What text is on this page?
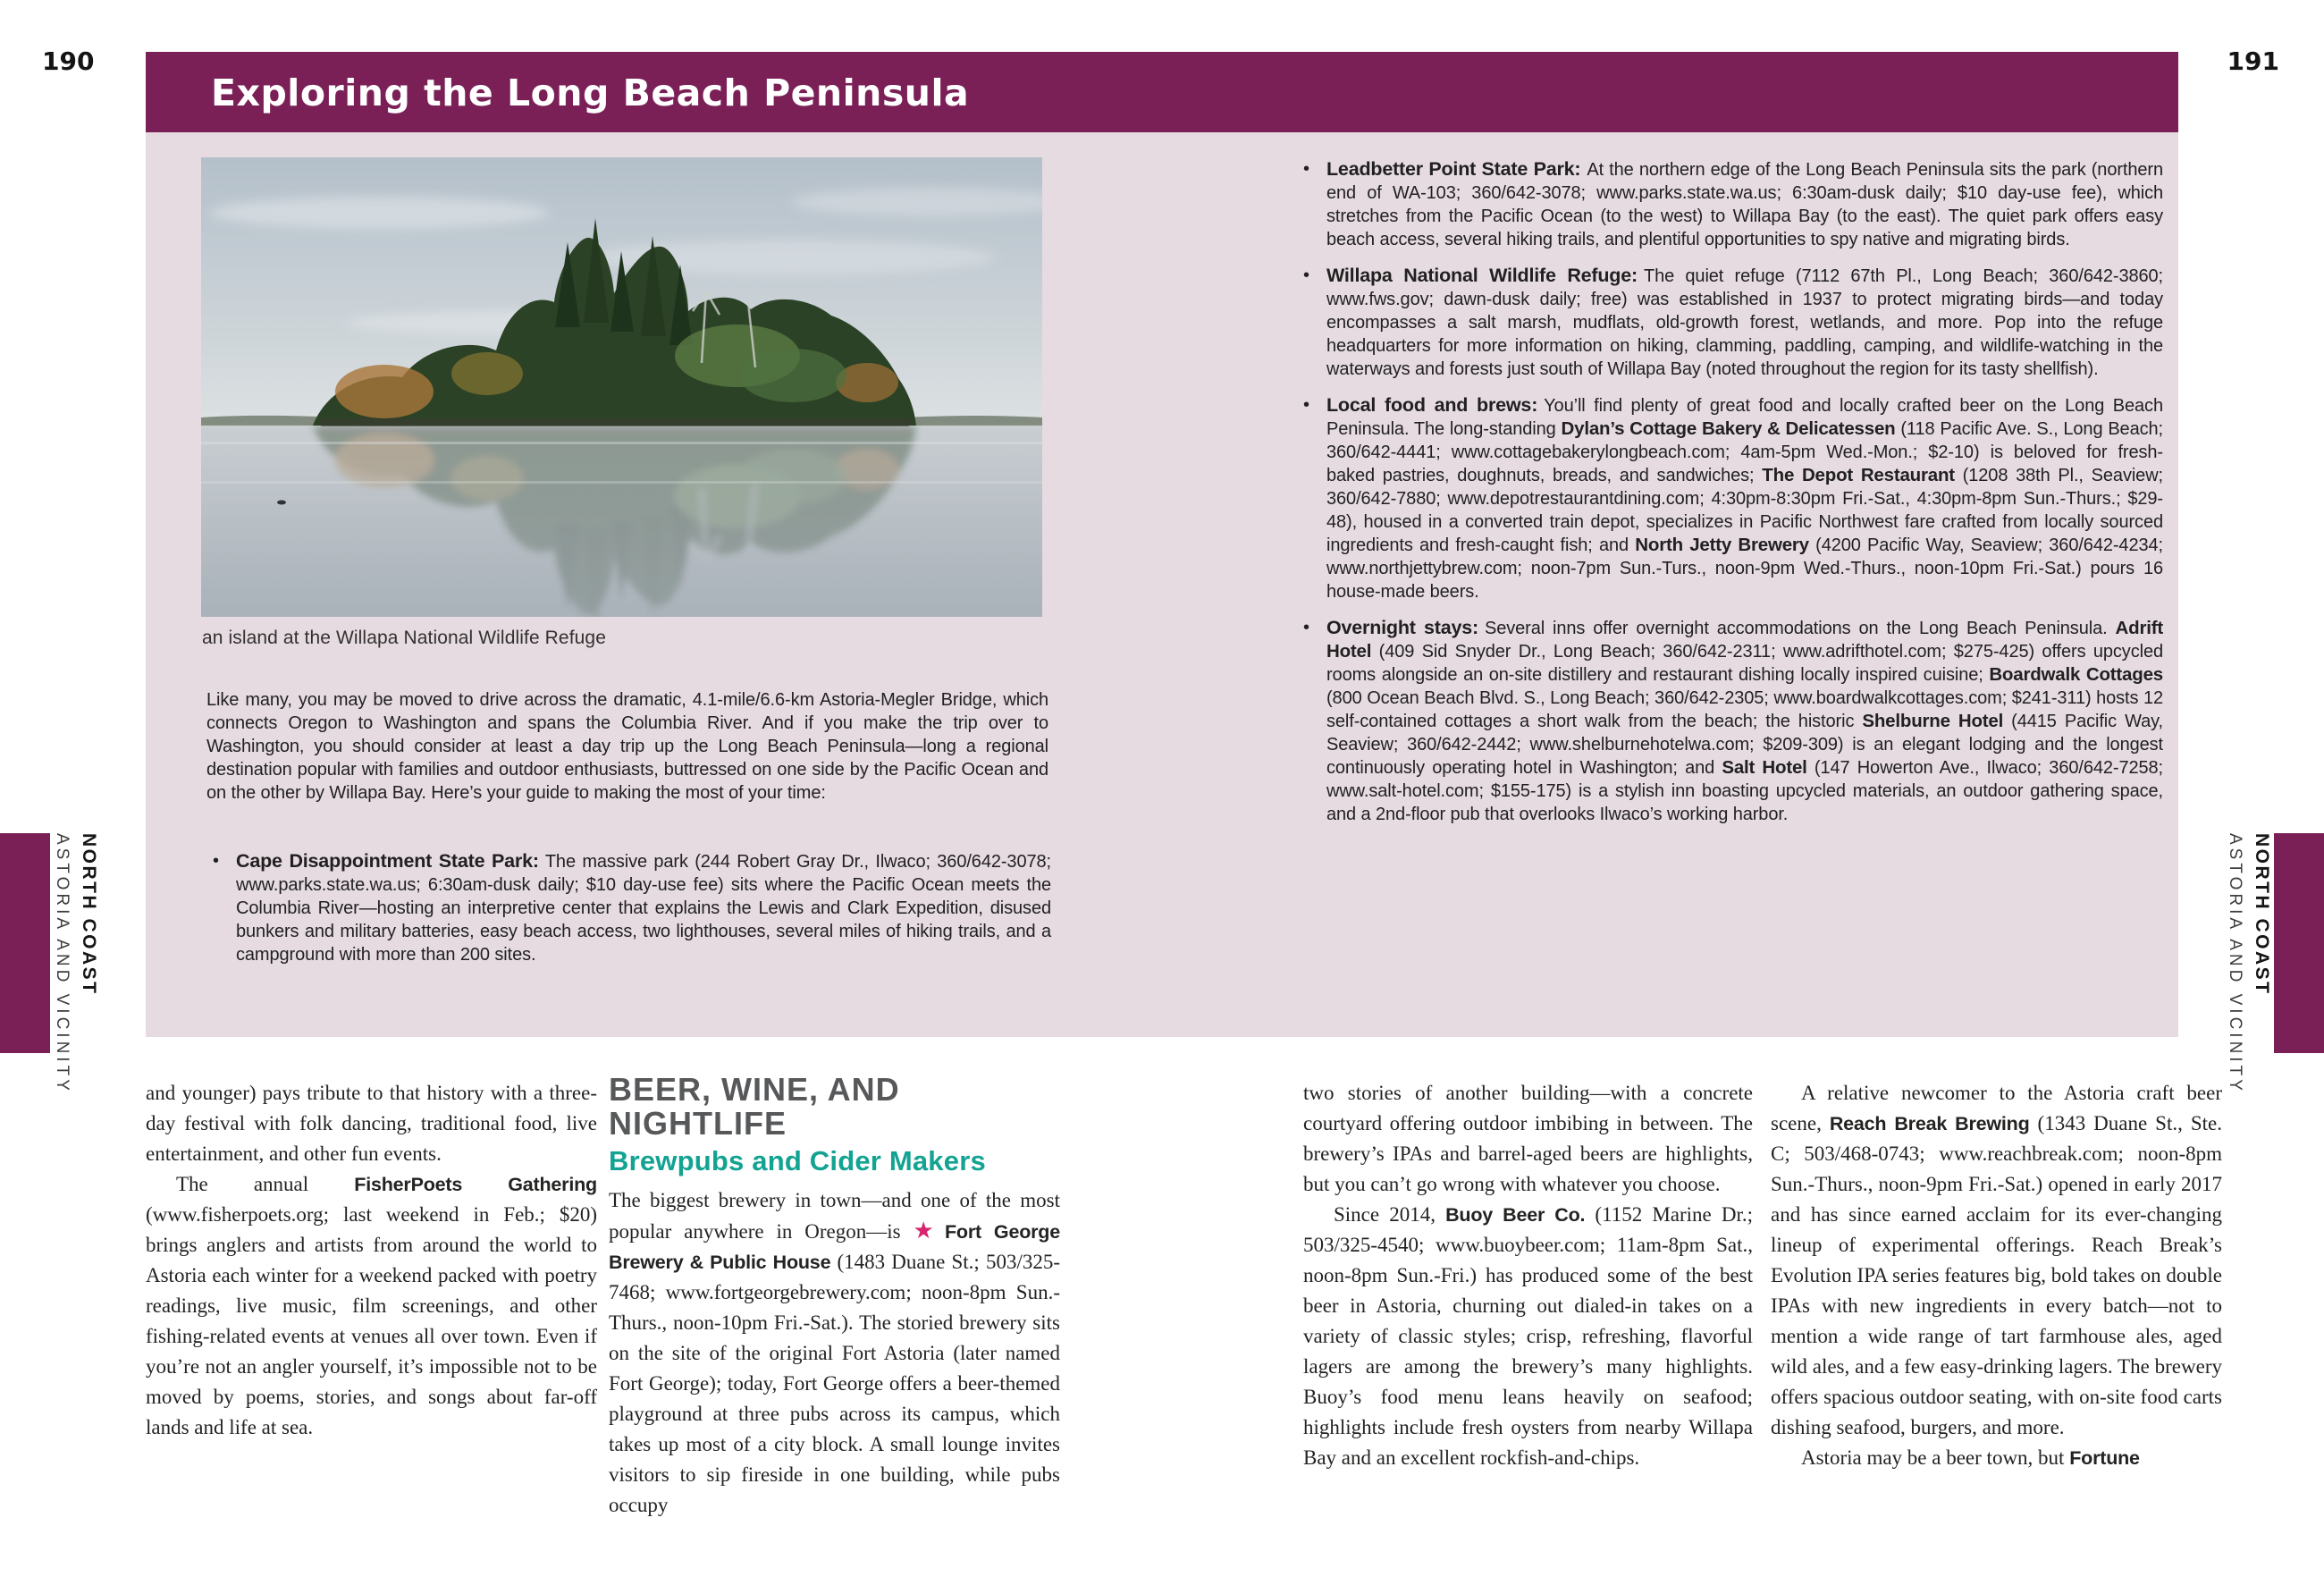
190	191
Exploring the Long Beach Peninsula
an island at the Willapa National Wildlife Refuge
Like many, you may be moved to drive across the dramatic, 4.1-mile/6.6-km Astoria-Megler Bridge, which connects Oregon to Washington and spans the Columbia River. And if you make the trip over to Washington, you should consider at least a day trip up the Long Beach Peninsula—long a regional destination popular with families and outdoor enthusiasts, buttressed on one side by the Pacific Ocean and on the other by Willapa Bay. Here’s your guide to making the most of your time:
• Cape Disappointment State Park: The massive park (244 Robert Gray Dr., Ilwaco; 360/642-3078; www.parks.state.wa.us; 6:30am-dusk daily; $10 day-use fee) sits where the Pacific Ocean meets the Columbia River—hosting an interpretive center that explains the Lewis and Clark Expedition, disused bunkers and military batteries, easy beach access, two lighthouses, several miles of hiking trails, and a campground with more than 200 sites.
• Leadbetter Point State Park: At the northern edge of the Long Beach Peninsula sits the park (northern end of WA-103; 360/642-3078; www.parks.state.wa.us; 6:30am-dusk daily; $10 day-use fee), which stretches from the Pacific Ocean (to the west) to Willapa Bay (to the east). The quiet park offers easy beach access, several hiking trails, and plentiful opportunities to spy native and migrating birds.
• Willapa National Wildlife Refuge: The quiet refuge (7112 67th Pl., Long Beach; 360/642-3860; www.fws.gov; dawn-dusk daily; free) was established in 1937 to protect migrating birds—and today encompasses a salt marsh, mudflats, old-growth forest, wetlands, and more. Pop into the refuge headquarters for more information on hiking, clamming, paddling, camping, and wildlife-watching in the waterways and forests just south of Willapa Bay (noted throughout the region for its tasty shellfish).
• Local food and brews: You’ll find plenty of great food and locally crafted beer on the Long Beach Peninsula. The long-standing Dylan’s Cottage Bakery & Delicatessen (118 Pacific Ave. S., Long Beach; 360/642-4441; www.cottagebakerylongbeach.com; 4am-5pm Wed.-Mon.; $2-10) is beloved for fresh-baked pastries, doughnuts, breads, and sandwiches; The Depot Restaurant (1208 38th Pl., Seaview; 360/642-7880; www.depotrestaurantdining.com; 4:30pm-8:30pm Fri.-Sat., 4:30pm-8pm Sun.-Thurs.; $29-48), housed in a converted train depot, specializes in Pacific Northwest fare crafted from locally sourced ingredients and fresh-caught fish; and North Jetty Brewery (4200 Pacific Way, Seaview; 360/642-4234; www.northjettybrew.com; noon-7pm Sun.-Turs., noon-9pm Wed.-Thurs., noon-10pm Fri.-Sat.) pours 16 house-made beers.
• Overnight stays: Several inns offer overnight accommodations on the Long Beach Peninsula. Adrift Hotel (409 Sid Snyder Dr., Long Beach; 360/642-2311; www.adrifthotel.com; $275-425) offers upcycled rooms alongside an on-site distillery and restaurant dishing locally inspired cuisine; Boardwalk Cottages (800 Ocean Beach Blvd. S., Long Beach; 360/642-2305; www.boardwalkcottages.com; $241-311) hosts 12 self-contained cottages a short walk from the beach; the historic Shelburne Hotel (4415 Pacific Way, Seaview; 360/642-2442; www.shelburnehotelwa.com; $209-309) is an elegant lodging and the longest continuously operating hotel in Washington; and Salt Hotel (147 Howerton Ave., Ilwaco; 360/642-7258; www.salt-hotel.com; $155-175) is a stylish inn boasting upcycled materials, an outdoor gathering space, and a 2nd-floor pub that overlooks Ilwaco’s working harbor.
NORTH COAST
ASTORIA AND VICINITY	NORTH COAST
ASTORIA AND VICINITY

and younger) pays tribute to that history with a three-day festival with folk dancing, traditional food, live entertainment, and other fun events.

The annual FisherPoets Gathering (www.fisherpoets.org; last weekend in Feb.; $20) brings anglers and artists from around the world to Astoria each winter for a weekend packed with poetry readings, live music, film screenings, and other fishing-related events at venues all over town. Even if you’re not an angler yourself, it’s impossible not to be moved by poems, stories, and songs about far-off lands and life at sea.

BEER, WINE, AND NIGHTLIFE
Brewpubs and Cider Makers

The biggest brewery in town—and one of the most popular anywhere in Oregon—is ★ Fort George Brewery & Public House (1483 Duane St.; 503/325-7468; www.fortgeorgebrewery.com; noon-8pm Sun.-Thurs., noon-10pm Fri.-Sat.). The storied brewery sits on the site of the original Fort Astoria (later named Fort George); today, Fort George offers a beer-themed playground at three pubs across its campus, which takes up most of a city block. A small lounge invites visitors to sip fireside in one building, while pubs occupy

two stories of another building—with a concrete courtyard offering outdoor imbibing in between. The brewery’s IPAs and barrel-aged beers are highlights, but you can’t go wrong with whatever you choose.

Since 2014, Buoy Beer Co. (1152 Marine Dr.; 503/325-4540; www.buoybeer.com; 11am-8pm Sat., noon-8pm Sun.-Fri.) has produced some of the best beer in Astoria, churning out dialed-in takes on a variety of classic styles; crisp, refreshing, flavorful lagers are among the brewery’s many highlights. Buoy’s food menu leans heavily on seafood; highlights include fresh oysters from nearby Willapa Bay and an excellent rockfish-and-chips.

A relative newcomer to the Astoria craft beer scene, Reach Break Brewing (1343 Duane St., Ste. C; 503/468-0743; www.reachbreak.com; noon-8pm Sun.-Thurs., noon-9pm Fri.-Sat.) opened in early 2017 and has since earned acclaim for its ever-changing lineup of experimental offerings. Reach Break’s Evolution IPA series features big, bold takes on double IPAs with new ingredients in every batch—not to mention a wide range of tart farmhouse ales, aged wild ales, and a few easy-drinking lagers. The brewery offers spacious outdoor seating, with on-site food carts dishing seafood, burgers, and more.

Astoria may be a beer town, but Fortune
